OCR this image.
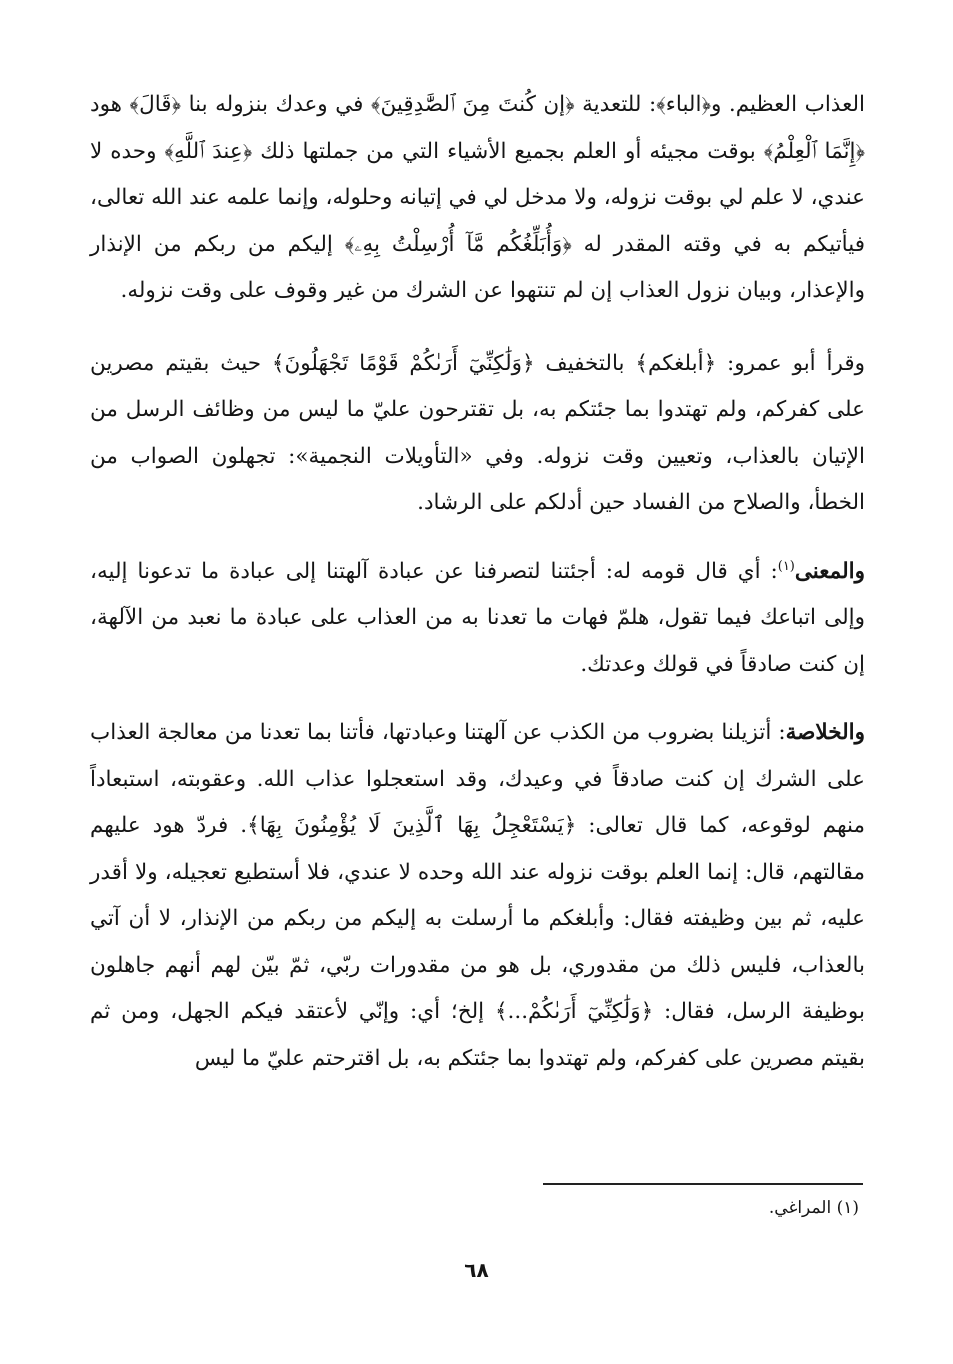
العذاب العظيم. و﴿الباء﴾: للتعدية ﴿إن كُنتَ مِنَ ٱلصَّٰدِقِينَ﴾ في وعدك بنزوله بنا ﴿قَالَ﴾ هود ﴿إِنَّمَا ٱلْعِلْمُ﴾ بوقت مجيئه أو العلم بجميع الأشياء التي من جملتها ذلك ﴿عِندَ ٱللَّهِ﴾ وحده لا عندي، لا علم لي بوقت نزوله، ولا مدخل لي في إتيانه وحلوله، وإنما علمه عند الله تعالى، فيأتيكم به في وقته المقدر له ﴿وَأُبَلِّغُكُم مَّآ أُرْسِلْتُ بِهِۦ﴾ إليكم من ربكم من الإنذار والإعذار، وبيان نزول العذاب إن لم تنتهوا عن الشرك من غير وقوف على وقت نزوله.

وقرأ أبو عمرو: ﴿أبلغكم﴾ بالتخفيف ﴿وَلَٰكِنِّيٓ أَرَىٰكُمْ قَوْمًا تَجْهَلُونَ﴾ حيث بقيتم مصرين على كفركم، ولم تهتدوا بما جئتكم به، بل تقترحون عليّ ما ليس من وظائف الرسل من الإتيان بالعذاب، وتعيين وقت نزوله. وفي «التأويلات النجمية»: تجهلون الصواب من الخطأ، والصلاح من الفساد حين أدلكم على الرشاد.

والمعنى$^{(١)}$: أي قال قومه له: أجئتنا لتصرفنا عن عبادة آلهتنا إلى عبادة ما تدعونا إليه، وإلى اتباعك فيما تقول، هلمّ فهات ما تعدنا به من العذاب على عبادة ما نعبد من الآلهة، إن كنت صادقاً في قولك وعدتك.

والخلاصة: أتزيلنا بضروب من الكذب عن آلهتنا وعبادتها، فأتنا بما تعدنا من معالجة العذاب على الشرك إن كنت صادقاً في وعيدك، وقد استعجلوا عذاب الله. وعقوبته، استبعاداً منهم لوقوعه، كما قال تعالى: ﴿يَسْتَعْجِلُ بِهَا ٱلَّذِينَ لَا يُؤْمِنُونَ بِهَا﴾. فردّ هود عليهم مقالتهم، قال: إنما العلم بوقت نزوله عند الله وحده لا عندي، فلا أستطيع تعجيله، ولا أقدر عليه، ثم بين وظيفته فقال: وأبلغكم ما أرسلت به إليكم من ربكم من الإنذار، لا أن آتي بالعذاب، فليس ذلك من مقدوري، بل هو من مقدورات ربّي، ثمّ بيّن لهم أنهم جاهلون بوظيفة الرسل، فقال: ﴿وَلَٰكِنِّيٓ أَرَىٰكُمْ...﴾ إلخ؛ أي: وإنّي لأعتقد فيكم الجهل، ومن ثم بقيتم مصرين على كفركم، ولم تهتدوا بما جئتكم به، بل اقترحتم عليّ ما ليس

(١) المراغي.
٦٨
